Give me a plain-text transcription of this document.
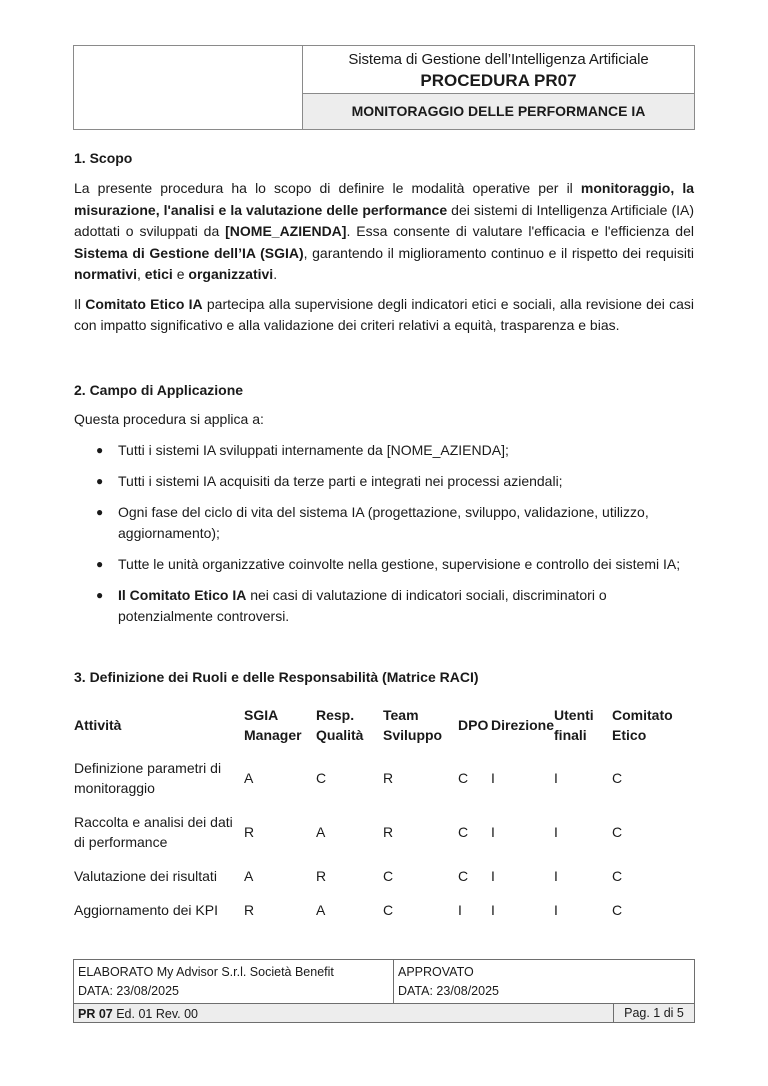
Sistema di Gestione dell’Intelligenza Artificiale
PROCEDURA PR07
MONITORAGGIO DELLE PERFORMANCE IA
1. Scopo

La presente procedura ha lo scopo di definire le modalità operative per il monitoraggio, la misurazione, l'analisi e la valutazione delle performance dei sistemi di Intelligenza Artificiale (IA) adottati o sviluppati da [NOME_AZIENDA]. Essa consente di valutare l'efficacia e l'efficienza del Sistema di Gestione dell’IA (SGIA), garantendo il miglioramento continuo e il rispetto dei requisiti normativi, etici e organizzativi.

Il Comitato Etico IA partecipa alla supervisione degli indicatori etici e sociali, alla revisione dei casi con impatto significativo e alla validazione dei criteri relativi a equità, trasparenza e bias.

2. Campo di Applicazione

Questa procedura si applica a:

● Tutti i sistemi IA sviluppati internamente da [NOME_AZIENDA];
● Tutti i sistemi IA acquisiti da terze parti e integrati nei processi aziendali;
● Ogni fase del ciclo di vita del sistema IA (progettazione, sviluppo, validazione, utilizzo, aggiornamento);
● Tutte le unità organizzative coinvolte nella gestione, supervisione e controllo dei sistemi IA;
● Il Comitato Etico IA nei casi di valutazione di indicatori sociali, discriminatori o potenzialmente controversi.
3. Definizione dei Ruoli e delle Responsabilità (Matrice RACI)
Attività	SGIA Manager	Resp. Qualità	Team Sviluppo	DPO	Direzione	Utenti finali	Comitato Etico
Definizione parametri di monitoraggio	A	C	R	C	I	I	C
Raccolta e analisi dei dati di performance	R	A	R	C	I	I	C
Valutazione dei risultati	A	R	C	C	I	I	C
Aggiornamento dei KPI	R	A	C	I	I	I	C
ELABORATO My Advisor S.r.l. Società Benefit
DATA: 23/08/2025
APPROVATO
DATA: 23/08/2025
PR 07 Ed. 01 Rev. 00	Pag. 1 di 5
